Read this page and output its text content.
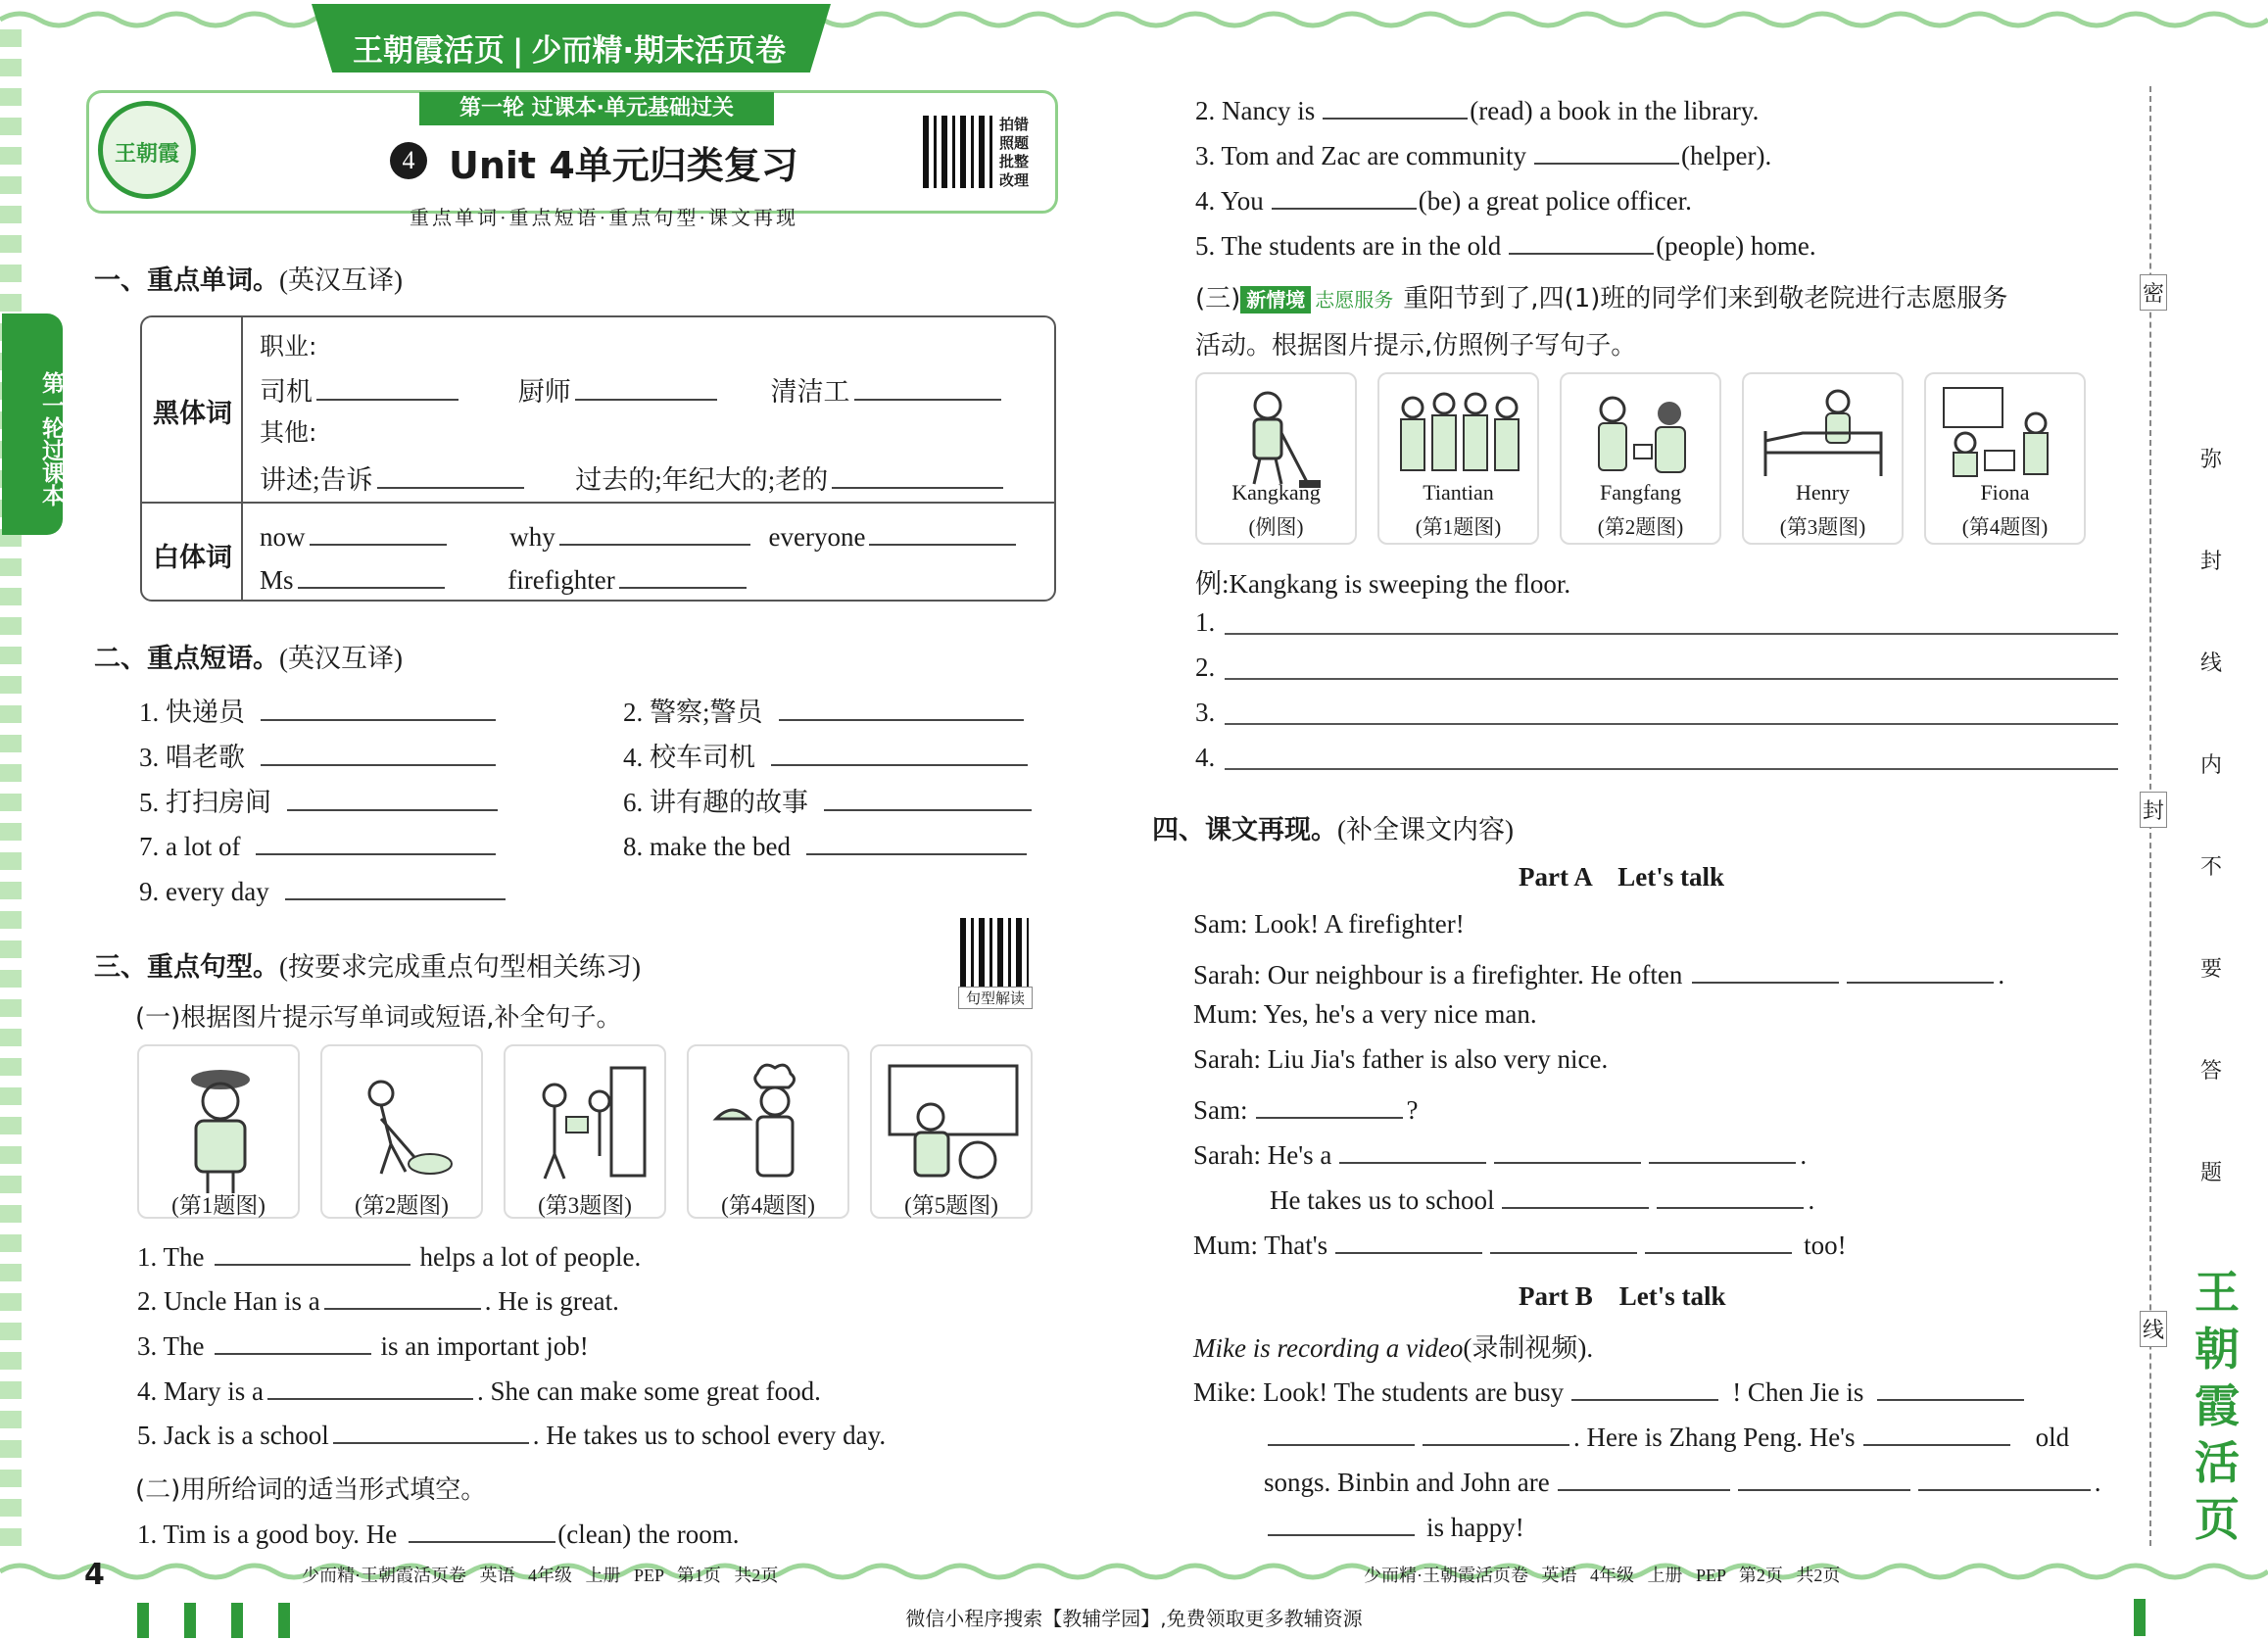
王朝霞活页 | 少而精·期末活页卷
王朝霞
第一轮 过课本·单元基础过关
4 Unit 4单元归类复习
重点单词·重点短语·重点句型·课文再现
拍错
照题
批整
改理
第一轮过课本
一、重点单词。(英汉互译)
黑体词
白体词
职业:
司机	厨师	清洁工
其他:
讲述;告诉	过去的;年纪大的;老的
now	why	everyone
Ms	firefighter
二、重点短语。(英汉互译)
1. 快递员	2. 警察;警员
3. 唱老歌	4. 校车司机
5. 打扫房间	6. 讲有趣的故事
7. a lot of	8. make the bed
9. every day
三、重点句型。(按要求完成重点句型相关练习)
句型解读
(一)根据图片提示写单词或短语,补全句子。
(第1题图)	(第2题图)	(第3题图)	(第4题图)	(第5题图)
1. The	helps a lot of people.
2. Uncle Han is a	. He is great.
3. The	is an important job!
4. Mary is a	. She can make some great food.
5. Jack is a school	. He takes us to school every day.
(二)用所给词的适当形式填空。
1. Tim is a good boy. He	(clean) the room.
4	少而精·王朝霞活页卷   英语   4年级   上册   PEP   第1页   共2页
2. Nancy is	(read) a book in the library.
3. Tom and Zac are community	(helper).
4. You	(be) a great police officer.
5. The students are in the old	(people) home.
(三) 新情境 志愿服务 重阳节到了,四(1)班的同学们来到敬老院进行志愿服务
活动。根据图片提示,仿照例子写句子。
Kangkang
(例图)
Tiantian
(第1题图)
Fangfang
(第2题图)
Henry
(第3题图)
Fiona
(第4题图)
例:Kangkang is sweeping the floor.
1.
2.
3.
4.
四、课文再现。(补全课文内容)
Part A    Let's talk
Sam: Look! A firefighter!
Sarah: Our neighbour is a firefighter. He often	.
Mum: Yes, he's a very nice man.
Sarah: Liu Jia's father is also very nice.
Sam:	?
Sarah: He's a	.
He takes us to school	.
Mum: That's	too!
Part B    Let's talk
Mike is recording a video(录制视频).
Mike: Look! The students are busy	! Chen Jie is
. Here is Zhang Peng. He's	old
songs. Binbin and John are	.
is happy!
少而精·王朝霞活页卷   英语   4年级   上册   PEP   第2页   共2页
微信小程序搜索【教辅学园】,免费领取更多教辅资源
密
封
线
弥
封
线
内
不
要
答
题
王
朝
霞
活
页
